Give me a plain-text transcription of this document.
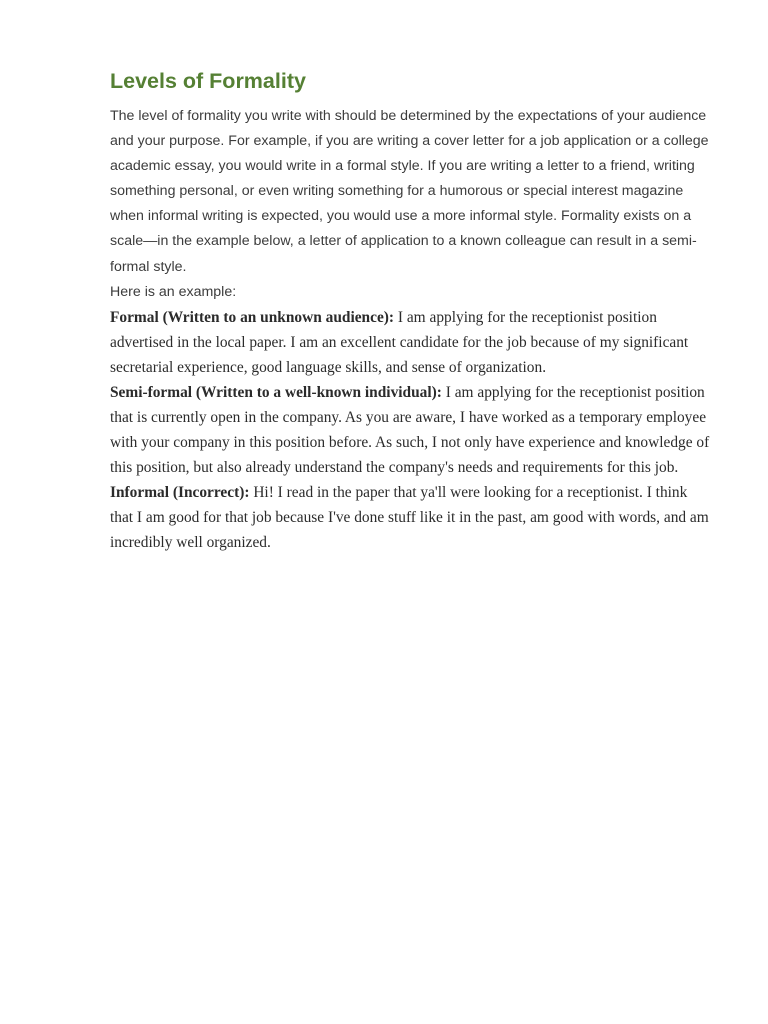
Levels of Formality

The level of formality you write with should be determined by the expectations of your audience and your purpose. For example, if you are writing a cover letter for a job application or a college academic essay, you would write in a formal style. If you are writing a letter to a friend, writing something personal, or even writing something for a humorous or special interest magazine when informal writing is expected, you would use a more informal style. Formality exists on a scale—in the example below, a letter of application to a known colleague can result in a semi-formal style.
Here is an example:

Formal (Written to an unknown audience): I am applying for the receptionist position advertised in the local paper. I am an excellent candidate for the job because of my significant secretarial experience, good language skills, and sense of organization.

Semi-formal (Written to a well-known individual): I am applying for the receptionist position that is currently open in the company. As you are aware, I have worked as a temporary employee with your company in this position before. As such, I not only have experience and knowledge of this position, but also already understand the company's needs and requirements for this job.

Informal (Incorrect): Hi! I read in the paper that ya'll were looking for a receptionist. I think that I am good for that job because I've done stuff like it in the past, am good with words, and am incredibly well organized.
